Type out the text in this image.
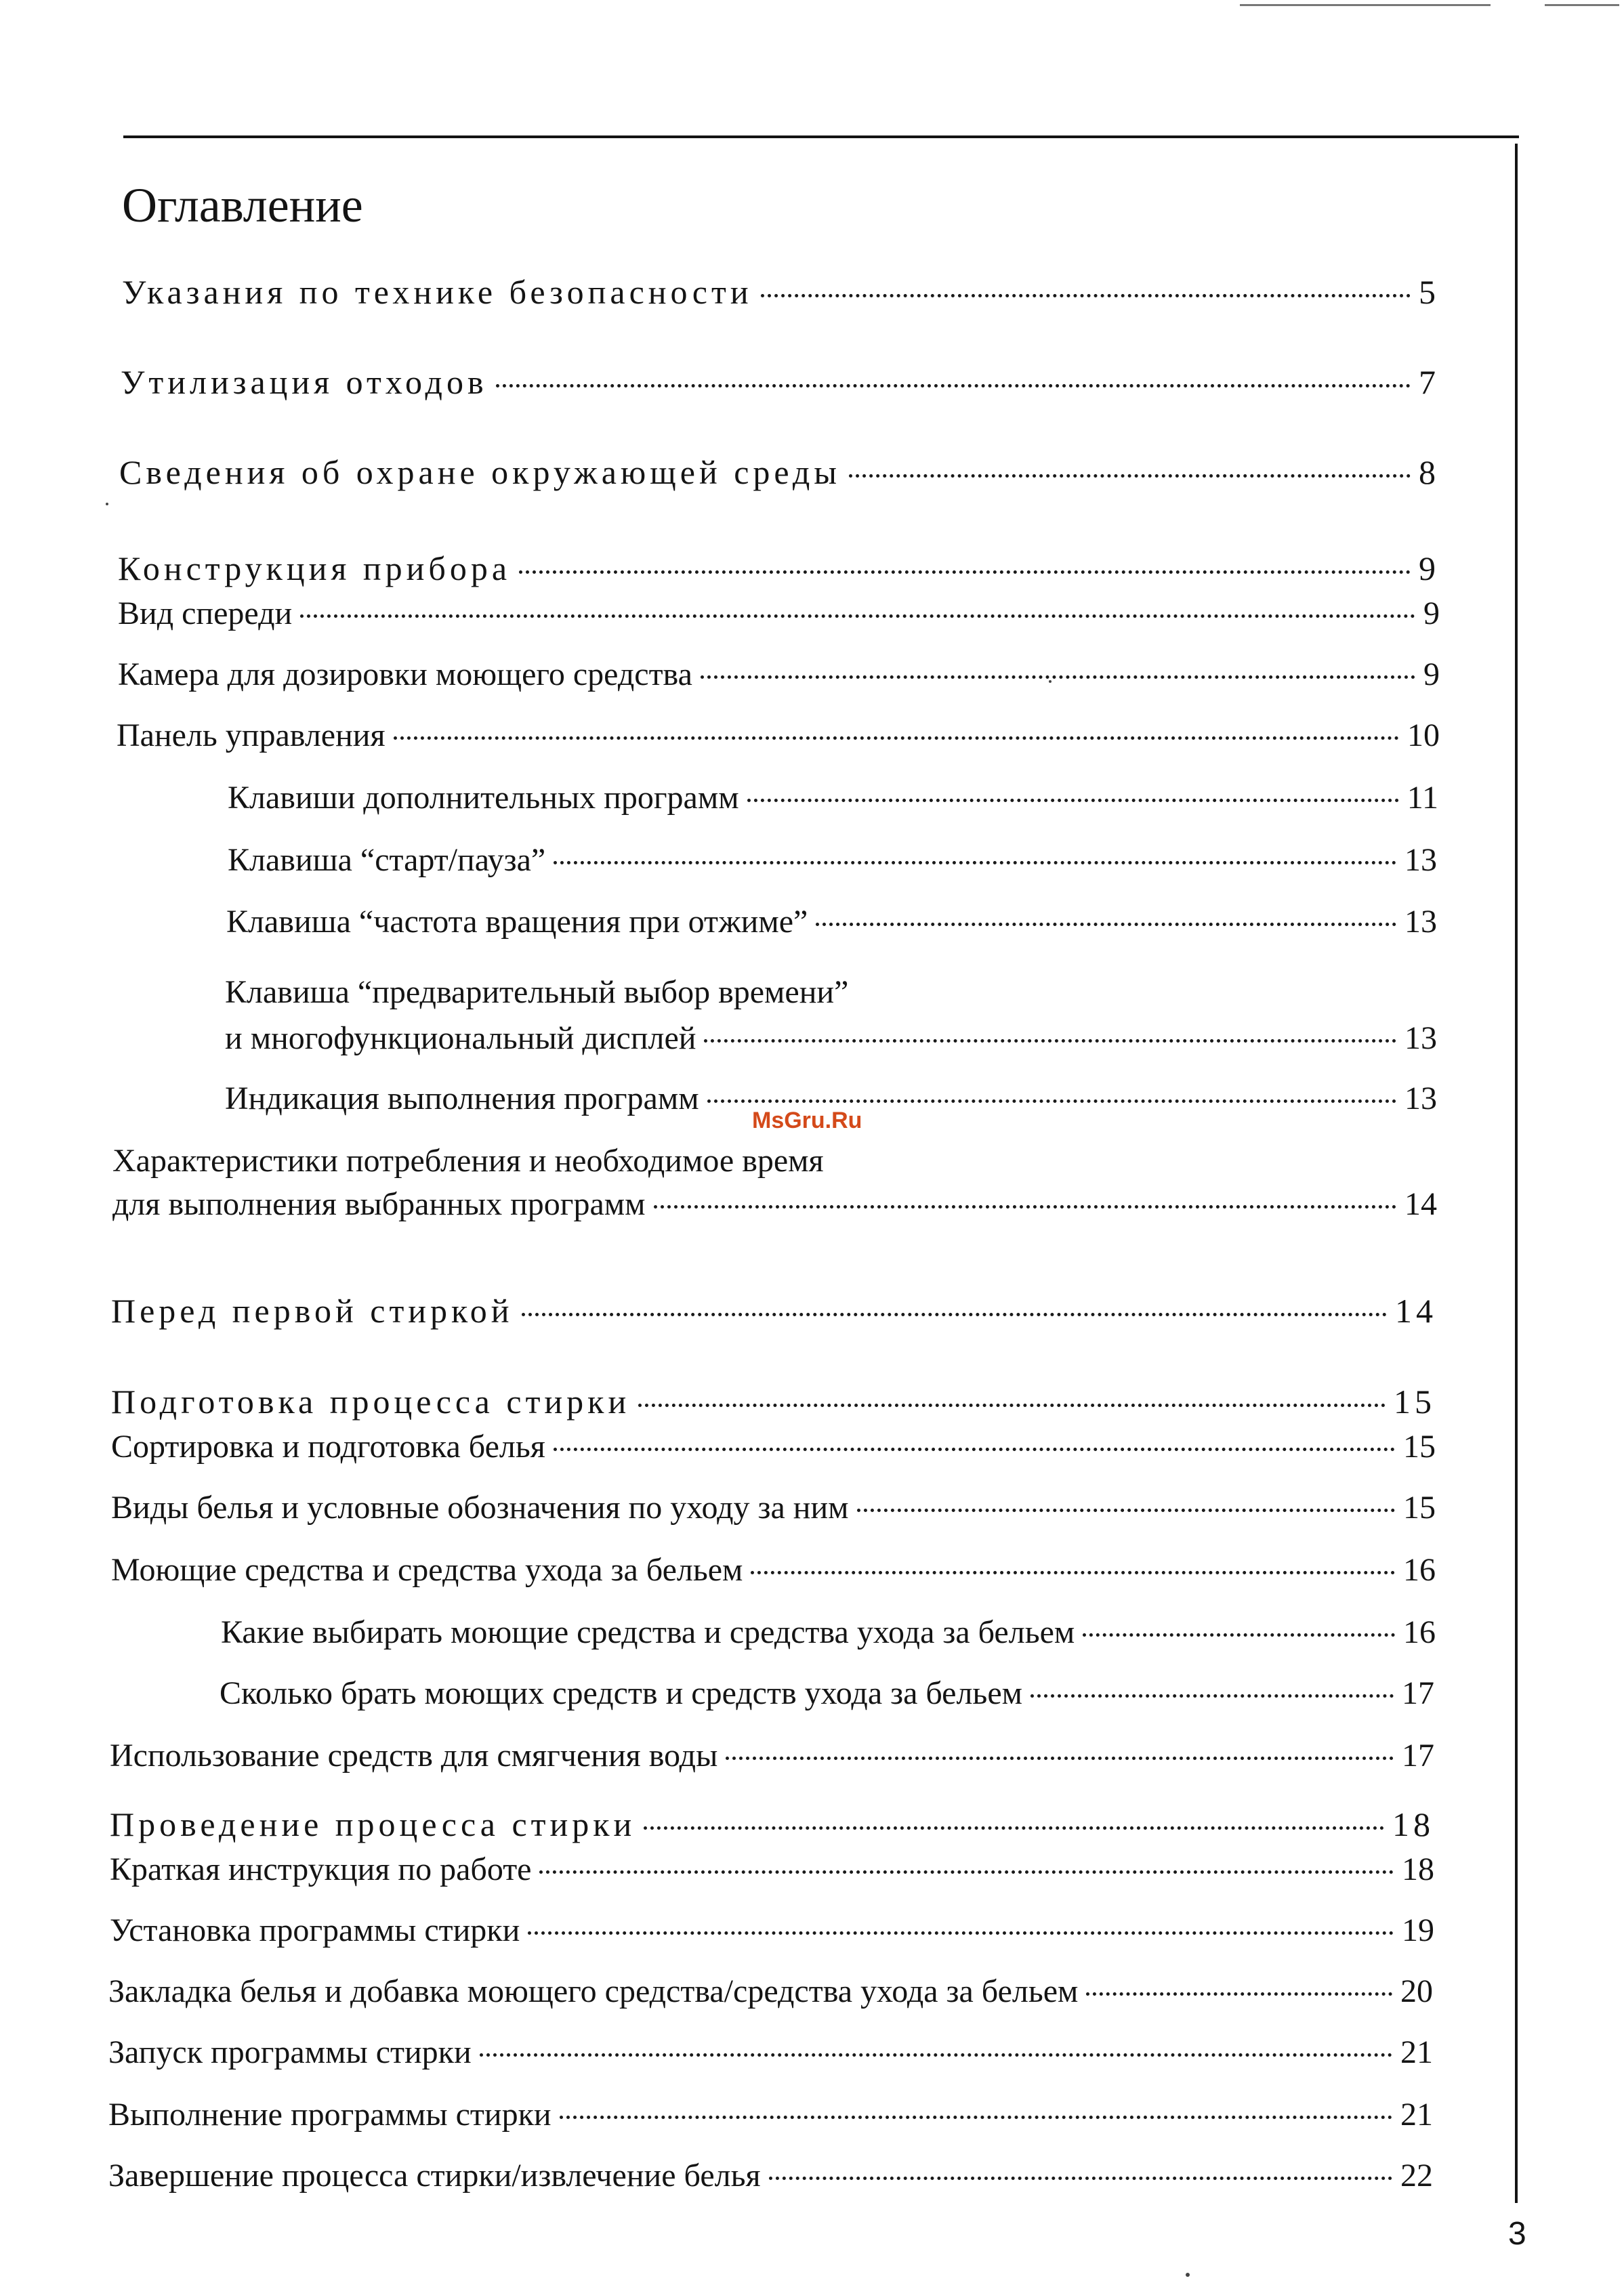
Оглавление
Указания по технике безопасности	5
Утилизация отходов	7
Сведения об охране окружающей среды	8
Конструкция прибора	9
Вид спереди	9
Камера для дозировки моющего средства	9
Панель управления	10
Клавиши дополнительных программ	11
Клавиша “старт/пауза”	13
Клавиша “частота вращения при отжиме”	13
Клавиша “предварительный выбор времени”
и многофункциональный дисплей	13
Индикация выполнения программ	13
Характеристики потребления и необходимое время
для выполнения выбранных программ	14
Перед первой стиркой	14
Подготовка процесса стирки	15
Сортировка и подготовка белья	15
Виды белья и условные обозначения по уходу за ним	15
Моющие средства и средства ухода за бельем	16
Какие выбирать моющие средства и средства ухода за бельем	16
Сколько брать моющих средств и средств ухода за бельем	17
Использование средств для смягчения воды	17
Проведение процесса стирки	18
Краткая инструкция по работе	18
Установка программы стирки	19
Закладка белья и добавка моющего средства/средства ухода за бельем	20
Запуск программы стирки	21
Выполнение программы стирки	21
Завершение процесса стирки/извлечение белья	22
MsGru.Ru
3
